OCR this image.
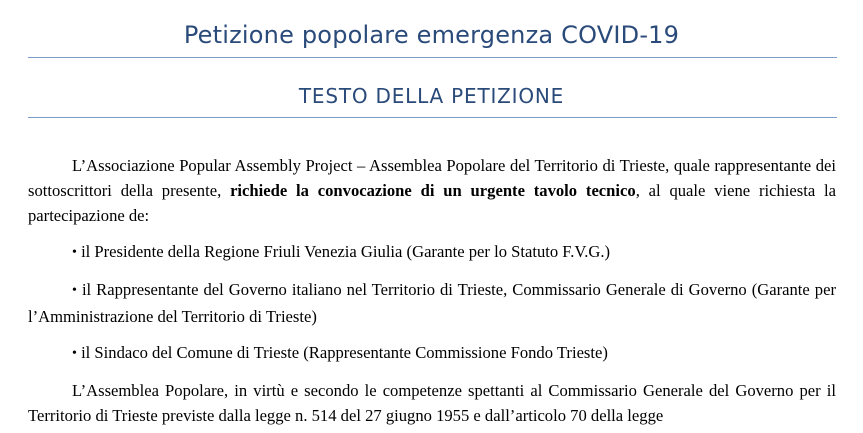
Petizione popolare emergenza COVID-19
TESTO DELLA PETIZIONE

L’Associazione Popular Assembly Project – Assemblea Popolare del Territorio di Trieste, quale rappresentante dei sottoscrittori della presente, richiede la convocazione di un urgente tavolo tecnico, al quale viene richiesta la partecipazione de:

• il Presidente della Regione Friuli Venezia Giulia (Garante per lo Statuto F.V.G.)

• il Rappresentante del Governo italiano nel Territorio di Trieste, Commissario Generale di Governo (Garante per l’Amministrazione del Territorio di Trieste)

• il Sindaco del Comune di Trieste (Rappresentante Commissione Fondo Trieste)

L’Assemblea Popolare, in virtù e secondo le competenze spettanti al Commissario Generale del Governo per il Territorio di Trieste previste dalla legge n. 514 del 27 giugno 1955 e dall’articolo 70 della legge
